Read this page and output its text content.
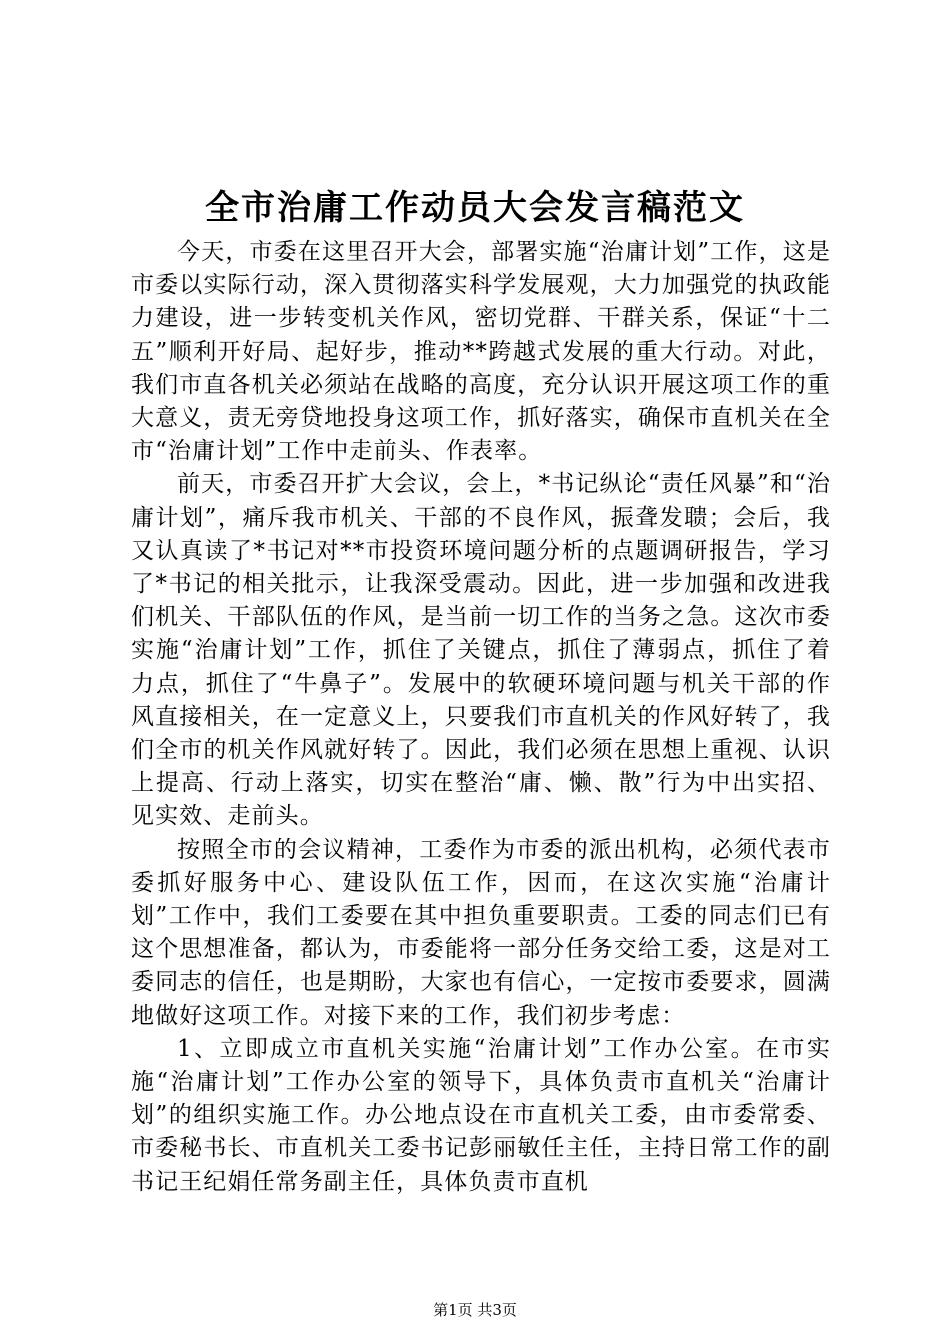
全市治庸工作动员大会发言稿范文

今天，市委在这里召开大会，部署实施“治庸计划”工作，这是市委以实际行动，深入贯彻落实科学发展观，大力加强党的执政能力建设，进一步转变机关作风，密切党群、干群关系，保证“十二五”顺利开好局、起好步，推动**跨越式发展的重大行动。对此，我们市直各机关必须站在战略的高度，充分认识开展这项工作的重大意义，责无旁贷地投身这项工作，抓好落实，确保市直机关在全市“治庸计划”工作中走前头、作表率。

前天，市委召开扩大会议，会上，*书记纵论“责任风暴”和“治庸计划”，痛斥我市机关、干部的不良作风，振聋发聩；会后，我又认真读了*书记对**市投资环境问题分析的点题调研报告，学习了*书记的相关批示，让我深受震动。因此，进一步加强和改进我们机关、干部队伍的作风，是当前一切工作的当务之急。这次市委实施“治庸计划”工作，抓住了关键点，抓住了薄弱点，抓住了着力点，抓住了“牛鼻子”。发展中的软硬环境问题与机关干部的作风直接相关，在一定意义上，只要我们市直机关的作风好转了，我们全市的机关作风就好转了。因此，我们必须在思想上重视、认识上提高、行动上落实，切实在整治“庸、懒、散”行为中出实招、见实效、走前头。

按照全市的会议精神，工委作为市委的派出机构，必须代表市委抓好服务中心、建设队伍工作，因而，在这次实施“治庸计划”工作中，我们工委要在其中担负重要职责。工委的同志们已有这个思想准备，都认为，市委能将一部分任务交给工委，这是对工委同志的信任，也是期盼，大家也有信心，一定按市委要求，圆满地做好这项工作。对接下来的工作，我们初步考虑：

1、立即成立市直机关实施“治庸计划”工作办公室。在市实施“治庸计划”工作办公室的领导下，具体负责市直机关“治庸计划”的组织实施工作。办公地点设在市直机关工委，由市委常委、市委秘书长、市直机关工委书记彭丽敏任主任，主持日常工作的副书记王纪娟任常务副主任，具体负责市直机

第1页 共3页
